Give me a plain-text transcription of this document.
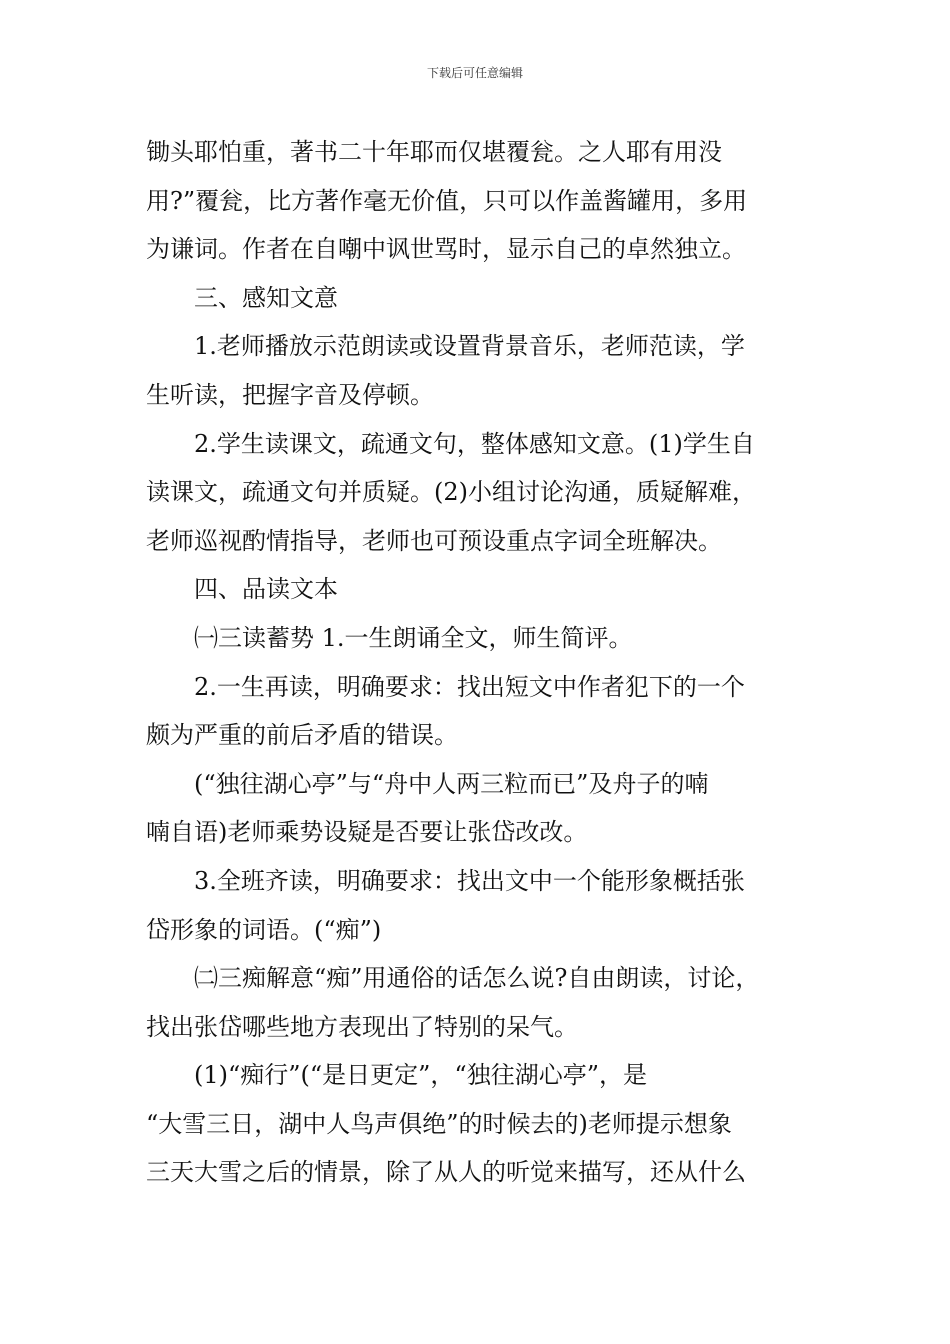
下载后可任意编辑
锄头耶怕重，著书二十年耶而仅堪覆瓮。之人耶有用没
用?”覆瓮，比方著作毫无价值，只可以作盖酱罐用，多用
为谦词。作者在自嘲中讽世骂时，显示自己的卓然独立。
三、感知文意
1.老师播放示范朗读或设置背景音乐，老师范读，学
生听读，把握字音及停顿。
2.学生读课文，疏通文句，整体感知文意。(1)学生自
读课文，疏通文句并质疑。(2)小组讨论沟通，质疑解难，
老师巡视酌情指导，老师也可预设重点字词全班解决。
四、品读文本
㈠三读蓄势 1.一生朗诵全文，师生简评。
2.一生再读，明确要求：找出短文中作者犯下的一个
颇为严重的前后矛盾的错误。
(“独往湖心亭”与“舟中人两三粒而已”及舟子的喃
喃自语)老师乘势设疑是否要让张岱改改。
3.全班齐读，明确要求：找出文中一个能形象概括张
岱形象的词语。(“痴”)
㈡三痴解意“痴”用通俗的话怎么说?自由朗读，讨论，
找出张岱哪些地方表现出了特别的呆气。
(1)“痴行”(“是日更定”，“独往湖心亭”，是
“大雪三日，湖中人鸟声俱绝”的时候去的)老师提示想象
三天大雪之后的情景，除了从人的听觉来描写，还从什么
